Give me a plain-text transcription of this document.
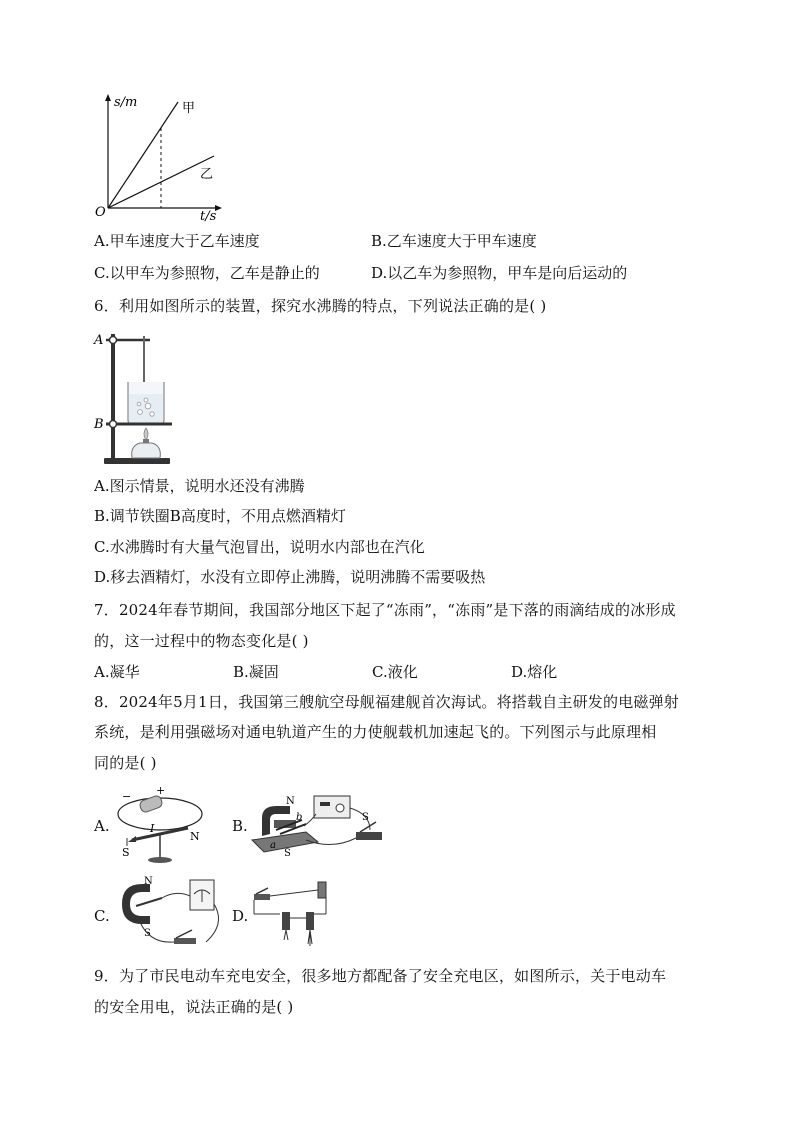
s/m
t/s
O
甲
乙
A.甲车速度大于乙车速度	B.乙车速度大于甲车速度
C.以甲车为参照物，乙车是静止的	D.以乙车为参照物，甲车是向后运动的
6．利用如图所示的装置，探究水沸腾的特点，下列说法正确的是( )
A
B
A.图示情景，说明水还没有沸腾
B.调节铁圈B高度时，不用点燃酒精灯
C.水沸腾时有大量气泡冒出，说明水内部也在汽化
D.移去酒精灯，水没有立即停止沸腾，说明沸腾不需要吸热
7．2024年春节期间，我国部分地区下起了“冻雨”，“冻雨”是下落的雨滴结成的冰形成
的，这一过程中的物态变化是( )
A.凝华	B.凝固	C.液化	D.熔化
8．2024年5月1日，我国第三艘航空母舰福建舰首次海试。将搭载自主研发的电磁弹射
系统，是利用强磁场对通电轨道产生的力使舰载机加速起飞的。下列图示与此原理相
同的是( )
A.
− +
I
N
S
B.
N
b
a
S
S
C.
N
S
D.
9．为了市民电动车充电安全，很多地方都配备了安全充电区，如图所示，关于电动车
的安全用电，说法正确的是( )
